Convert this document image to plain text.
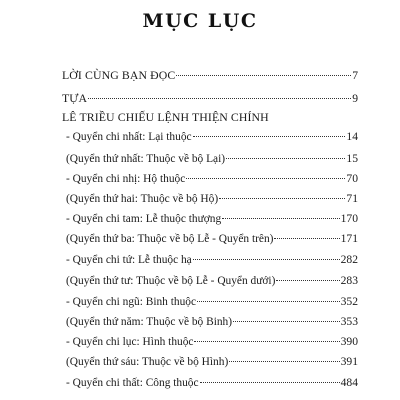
MỤC LỤC
LỜI CÙNG BẠN ĐỌC	7
TỰA	9
LÊ TRIỀU CHIẾU LỆNH THIỆN CHÍNH
- Quyển chi nhất: Lại thuộc	14
(Quyển thứ nhất: Thuộc về bộ Lại)	15
- Quyển chi nhị: Hộ thuộc	70
(Quyển thứ hai: Thuộc về bộ Hộ)	71
- Quyển chi tam: Lễ thuộc thượng	170
(Quyển thứ ba: Thuộc về bộ Lễ - Quyển trên)	171
- Quyển chi tứ: Lễ thuộc hạ	282
(Quyển thứ tư: Thuộc về bộ Lễ - Quyển dưới)	283
- Quyển chi ngũ: Binh thuộc	352
(Quyển thứ năm: Thuộc về bộ Binh)	353
- Quyển chi lục: Hình thuộc	390
(Quyển thứ sáu: Thuộc về bộ Hình)	391
- Quyển chi thất: Công thuộc	484
